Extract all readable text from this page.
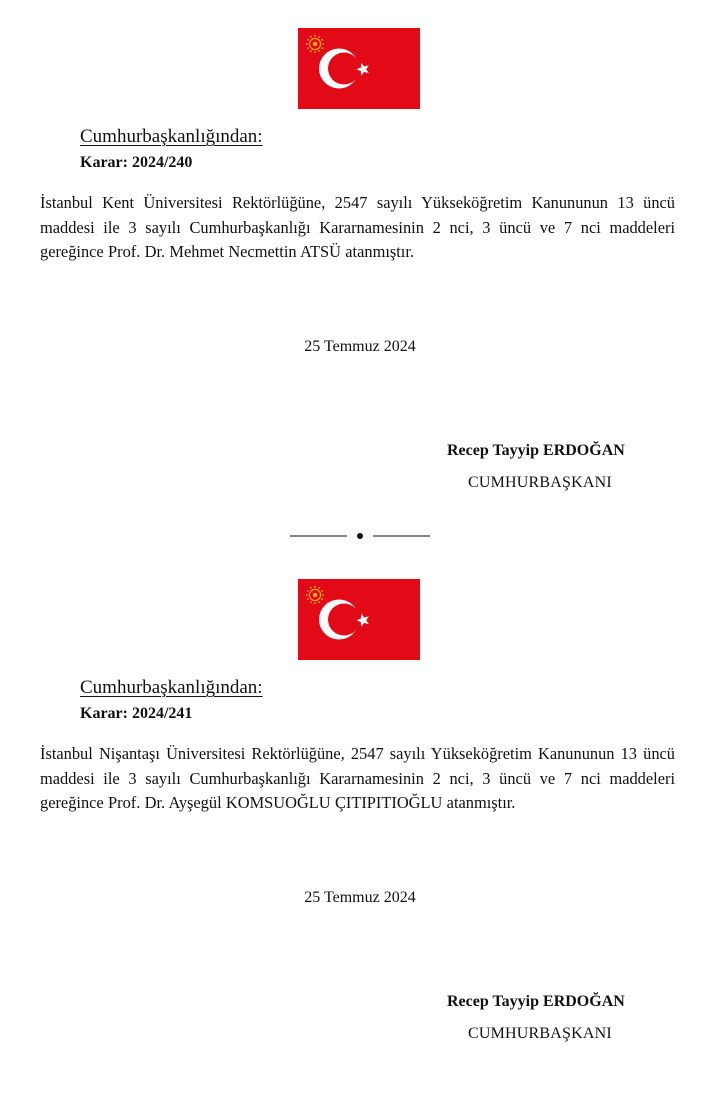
Cumhurbaşkanlığından:
Karar: 2024/240

İstanbul Kent Üniversitesi Rektörlüğüne, 2547 sayılı Yükseköğretim Kanununun 13 üncü maddesi ile 3 sayılı Cumhurbaşkanlığı Kararnamesinin 2 nci, 3 üncü ve 7 nci maddeleri gereğince Prof. Dr. Mehmet Necmettin ATSÜ atanmıştır.

25 Temmuz 2024
Recep Tayyip ERDOĞAN
CUMHURBAŞKANI
Cumhurbaşkanlığından:
Karar: 2024/241

İstanbul Nişantaşı Üniversitesi Rektörlüğüne, 2547 sayılı Yükseköğretim Kanununun 13 üncü maddesi ile 3 sayılı Cumhurbaşkanlığı Kararnamesinin 2 nci, 3 üncü ve 7 nci maddeleri gereğince Prof. Dr. Ayşegül KOMSUOĞLU ÇITIPITIOĞLU atanmıştır.

25 Temmuz 2024
Recep Tayyip ERDOĞAN
CUMHURBAŞKANI
